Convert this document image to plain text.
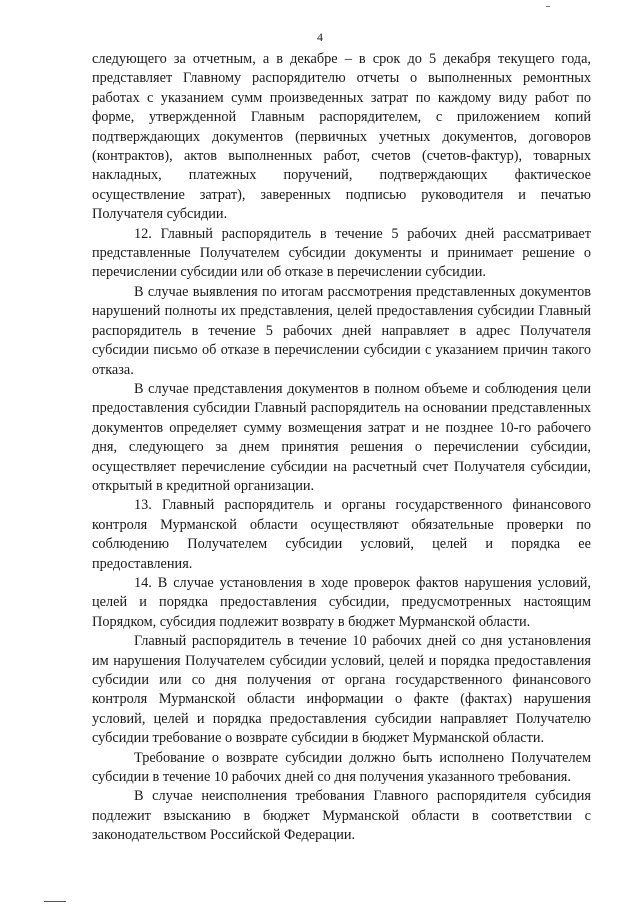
4

следующего за отчетным, а в декабре – в срок до 5 декабря текущего года, представляет Главному распорядителю отчеты о выполненных ремонтных работах с указанием сумм произведенных затрат по каждому виду работ по форме, утвержденной Главным распорядителем, с приложением копий подтверждающих документов (первичных учетных документов, договоров (контрактов), актов выполненных работ, счетов (счетов-фактур), товарных накладных, платежных поручений, подтверждающих фактическое осуществление затрат), заверенных подписью руководителя и печатью Получателя субсидии.

12. Главный распорядитель в течение 5 рабочих дней рассматривает представленные Получателем субсидии документы и принимает решение о перечислении субсидии или об отказе в перечислении субсидии.

В случае выявления по итогам рассмотрения представленных документов нарушений полноты их представления, целей предоставления субсидии Главный распорядитель в течение 5 рабочих дней направляет в адрес Получателя субсидии письмо об отказе в перечислении субсидии с указанием причин такого отказа.

В случае представления документов в полном объеме и соблюдения цели предоставления субсидии Главный распорядитель на основании представленных документов определяет сумму возмещения затрат и не позднее 10-го рабочего дня, следующего за днем принятия решения о перечислении субсидии, осуществляет перечисление субсидии на расчетный счет Получателя субсидии, открытый в кредитной организации.

13. Главный распорядитель и органы государственного финансового контроля Мурманской области осуществляют обязательные проверки по соблюдению Получателем субсидии условий, целей и порядка ее предоставления.

14. В случае установления в ходе проверок фактов нарушения условий, целей и порядка предоставления субсидии, предусмотренных настоящим Порядком, субсидия подлежит возврату в бюджет Мурманской области.

Главный распорядитель в течение 10 рабочих дней со дня установления им нарушения Получателем субсидии условий, целей и порядка предоставления субсидии или со дня получения от органа государственного финансового контроля Мурманской области информации о факте (фактах) нарушения условий, целей и порядка предоставления субсидии направляет Получателю субсидии требование о возврате субсидии в бюджет Мурманской области.

Требование о возврате субсидии должно быть исполнено Получателем субсидии в течение 10 рабочих дней со дня получения указанного требования.

В случае неисполнения требования Главного распорядителя субсидия подлежит взысканию в бюджет Мурманской области в соответствии с законодательством Российской Федерации.
